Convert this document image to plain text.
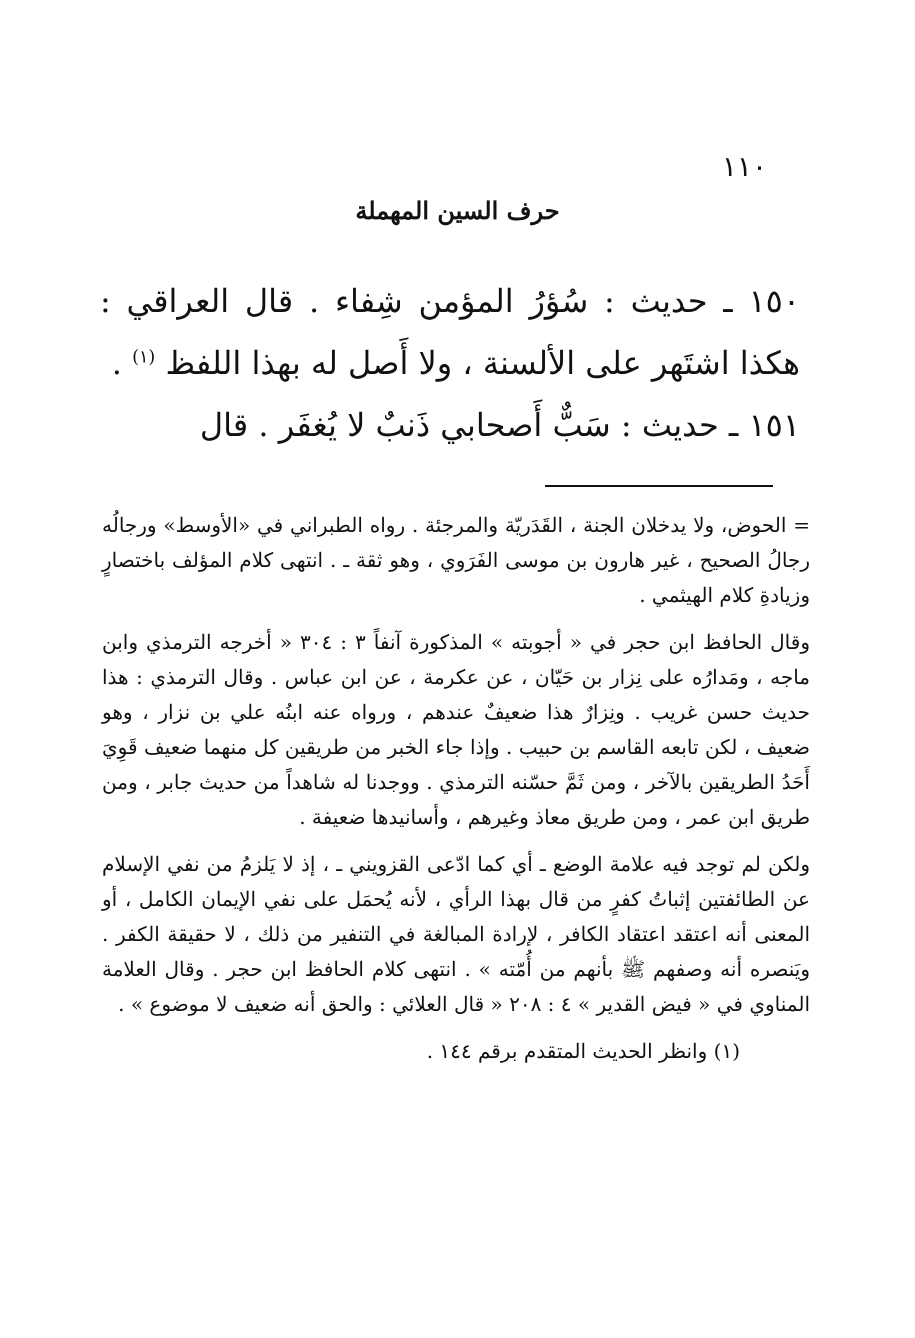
١١٠
حرف السين المهملة

١٥٠ ـ حديث : سُؤرُ المؤمن شِفاء . قال العراقي : هكذا اشتَهر على الألسنة ، ولا أَصل له بهذا اللفظ $^{(١)}$ .

١٥١ ـ حديث : سَبٌّ أَصحابي ذَنبٌ لا يُغفَر . قال

= الحوض، ولا يدخلان الجنة ، القَدَريّة والمرجئة . رواه الطبراني في «الأوسط» ورجالُه رجالُ الصحيح ، غير هارون بن موسى الفَرَوي ، وهو ثقة ـ . انتهى كلام المؤلف باختصارٍ وزيادةِ كلام الهيثمي .

وقال الحافظ ابن حجر في « أجوبته » المذكورة آنفاً ٣ : ٣٠٤ « أخرجه الترمذي وابن ماجه ، ومَدارُه على نِزار بن حَيّان ، عن عكرمة ، عن ابن عباس . وقال الترمذي : هذا حديث حسن غريب . ونِزارٌ هذا ضعيفٌ عندهم ، ورواه عنه ابنُه علي بن نزار ، وهو ضعيف ، لكن تابعه القاسم بن حبيب . وإذا جاء الخبر من طريقين كل منهما ضعيف قَوِيَ أَحَدُ الطريقين بالآخر ، ومن ثَمَّ حسّنه الترمذي . ووجدنا له شاهداً من حديث جابر ، ومن طريق ابن عمر ، ومن طريق معاذ وغيرهم ، وأسانيدها ضعيفة .

ولكن لم توجد فيه علامة الوضع ـ أي كما ادّعى القزويني ـ ، إذ لا يَلزمُ من نفي الإسلام عن الطائفتين إثباتُ كفرٍ من قال بهذا الرأي ، لأنه يُحمَل على نفي الإيمان الكامل ، أو المعنى أنه اعتقد اعتقاد الكافر ، لإرادة المبالغة في التنفير من ذلك ، لا حقيقة الكفر . ويَنصره أنه وصفهم ﷺ بأنهم من أُمّته » . انتهى كلام الحافظ ابن حجر . وقال العلامة المناوي في « فيض القدير » ٤ : ٢٠٨ « قال العلائي : والحق أنه ضعيف لا موضوع » .

(١) وانظر الحديث المتقدم برقم ١٤٤ .
